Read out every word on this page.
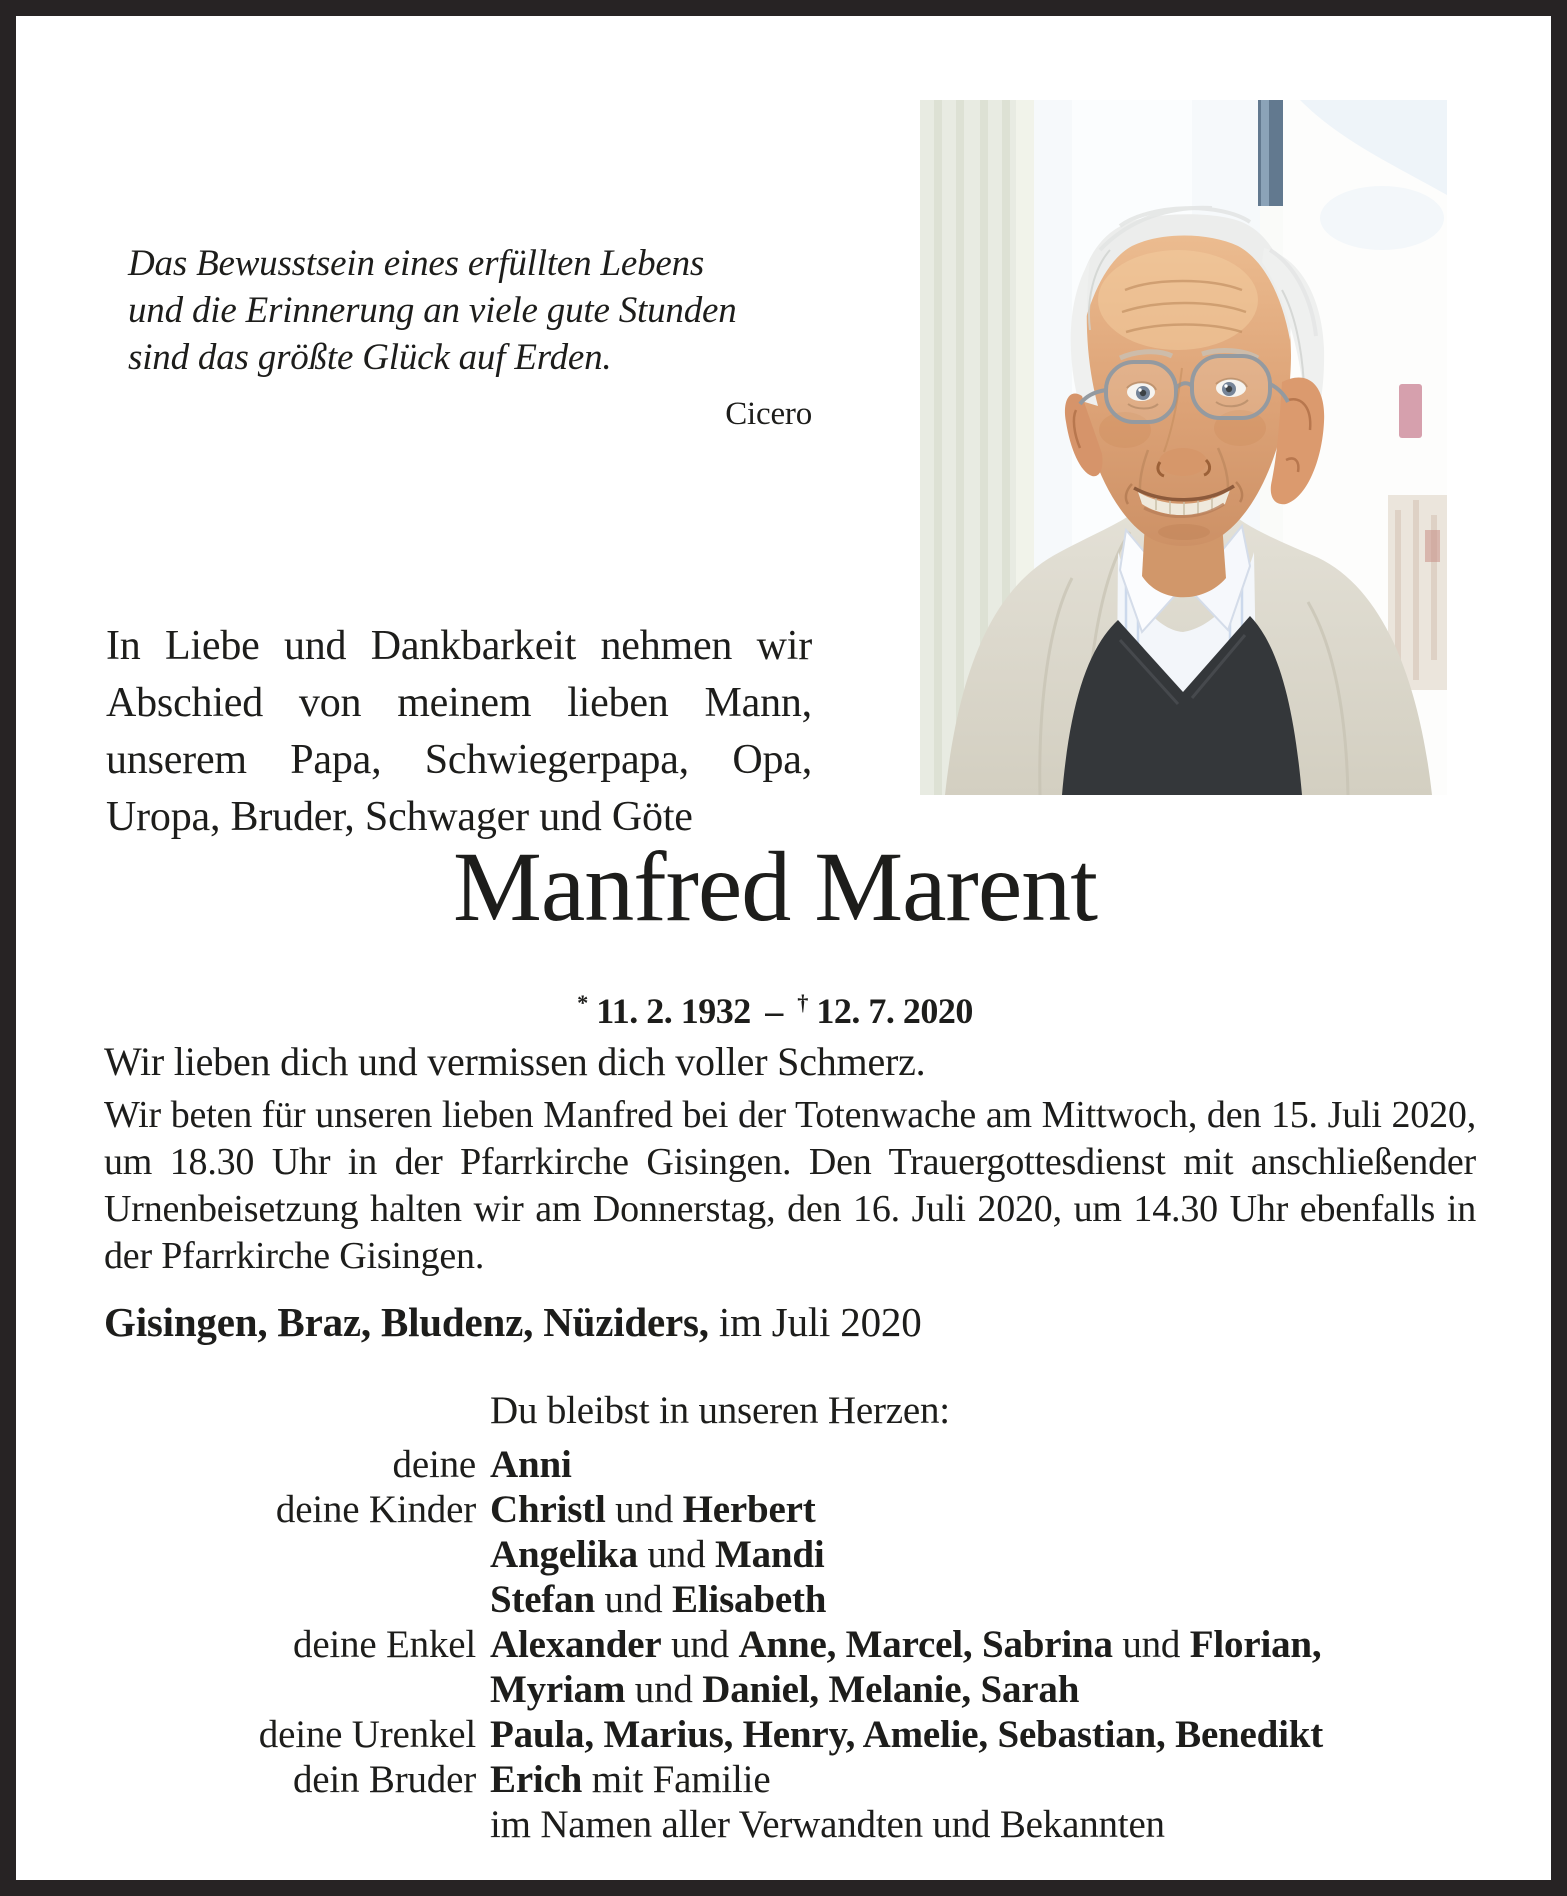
Das Bewusstsein eines erfüllten Lebens
und die Erinnerung an viele gute Stunden
sind das größte Glück auf Erden.
Cicero

In Liebe und Dankbarkeit nehmen wir Abschied von meinem lieben Mann, unserem Papa, Schwiegerpapa, Opa, Uropa, Bruder, Schwager und Göte

Manfred Marent
* 11. 2. 1932 – † 12. 7. 2020

Wir lieben dich und vermissen dich voller Schmerz.

Wir beten für unseren lieben Manfred bei der Totenwache am Mittwoch, den 15. Juli 2020, um 18.30 Uhr in der Pfarrkirche Gisingen. Den Trauergottesdienst mit anschließender Urnenbeisetzung halten wir am Donnerstag, den 16. Juli 2020, um 14.30 Uhr ebenfalls in der Pfarrkirche Gisingen.

Gisingen, Braz, Bludenz, Nüziders, im Juli 2020

Du bleibst in unseren Herzen:
deine Anni
deine Kinder Christl und Herbert
Angelika und Mandi
Stefan und Elisabeth
deine Enkel Alexander und Anne, Marcel, Sabrina und Florian,
Myriam und Daniel, Melanie, Sarah
deine Urenkel Paula, Marius, Henry, Amelie, Sebastian, Benedikt
dein Bruder Erich mit Familie
im Namen aller Verwandten und Bekannten
